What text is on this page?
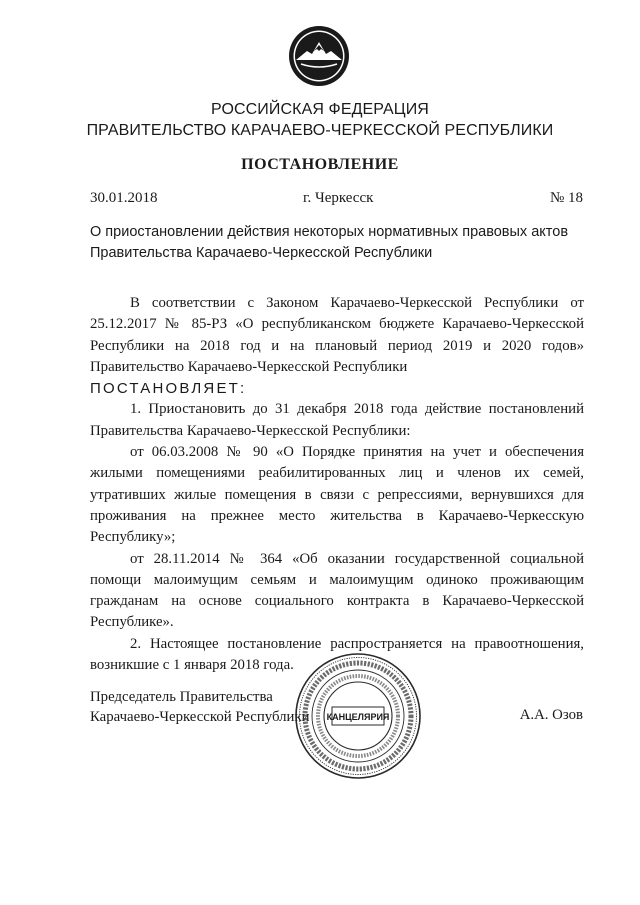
РОССИЙСКАЯ ФЕДЕРАЦИЯ
ПРАВИТЕЛЬСТВО КАРАЧАЕВО-ЧЕРКЕССКОЙ РЕСПУБЛИКИ
ПОСТАНОВЛЕНИЕ
30.01.2018	г. Черкесск	№ 18
О приостановлении действия некоторых нормативных правовых актов Правительства Карачаево-Черкесской Республики

В соответствии с Законом Карачаево-Черкесской Республики от 25.12.2017 № 85-РЗ «О республиканском бюджете Карачаево-Черкесской Республики на 2018 год и на плановый период 2019 и 2020 годов» Правительство Карачаево-Черкесской Республики

ПОСТАНОВЛЯЕТ:

1. Приостановить до 31 декабря 2018 года действие постановлений Правительства Карачаево-Черкесской Республики:

от 06.03.2008 № 90 «О Порядке принятия на учет и обеспечения жилыми помещениями реабилитированных лиц и членов их семей, утративших жилые помещения в связи с репрессиями, вернувшихся для проживания на прежнее место жительства в Карачаево-Черкесскую Республику»;

от 28.11.2014 № 364 «Об оказании государственной социальной помощи малоимущим семьям и малоимущим одиноко проживающим гражданам на основе социального контракта в Карачаево-Черкесской Республике».

2. Настоящее постановление распространяется на правоотношения, возникшие с 1 января 2018 года.

Председатель Правительства
Карачаево-Черкесской Республики	А.А. Озов
КАНЦЕЛЯРИЯ
